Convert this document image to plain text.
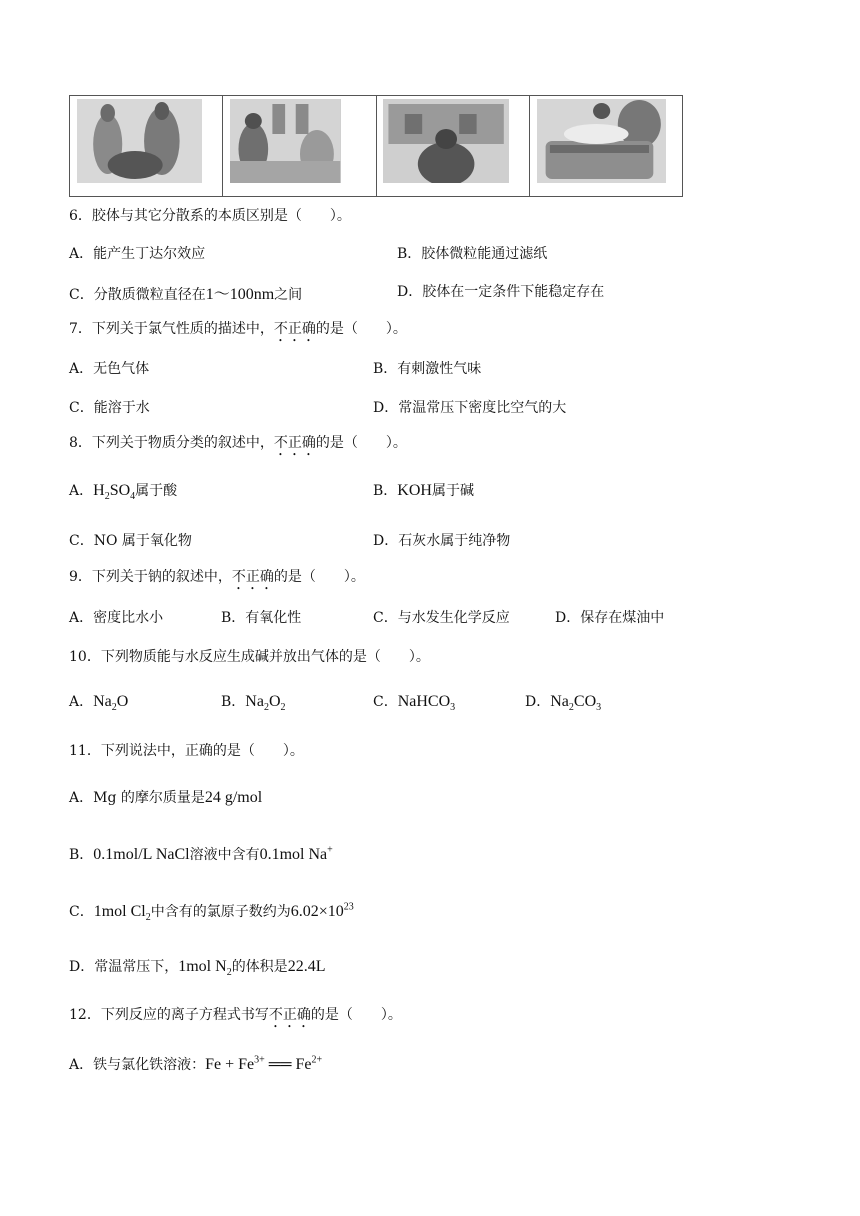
6．胶体与其它分散系的本质区别是（ ）。
A．能产生丁达尔效应	B．胶体微粒能通过滤纸
C．分散质微粒直径在1～100nm之间	D．胶体在一定条件下能稳定存在
7．下列关于氯气性质的描述中，不正确的是（　　）。
A．无色气体	B．有刺激性气味
C．能溶于水	D．常温常压下密度比空气的大
8．下列关于物质分类的叙述中，不正确的是（　　）。
A．$H_2SO_4$属于酸	B．KOH属于碱
C．NO 属于氧化物	D．石灰水属于纯净物
9．下列关于钠的叙述中，不正确的是（　　）。
A．密度比水小	B．有氧化性	C．与水发生化学反应	D．保存在煤油中
10．下列物质能与水反应生成碱并放出气体的是（　　）。
A．$Na_2O$	B．$Na_2O_2$	C．NaHCO$_3$	D．$Na_2CO_3$
11．下列说法中，正确的是（　　）。
A．Mg 的摩尔质量是24 g/mol
B．0.1mol/L NaCl溶液中含有0.1mol Na+
C．1mol $Cl_2$中含有的氯原子数约为$6.02\times 10^{23}$
D．常温常压下，1mol $N_2$的体积是22.4L
12．下列反应的离子方程式书写不正确的是（　　）。
A．铁与氯化铁溶液：$Fe + Fe^{3+}$ ══ $Fe^{2+}$
